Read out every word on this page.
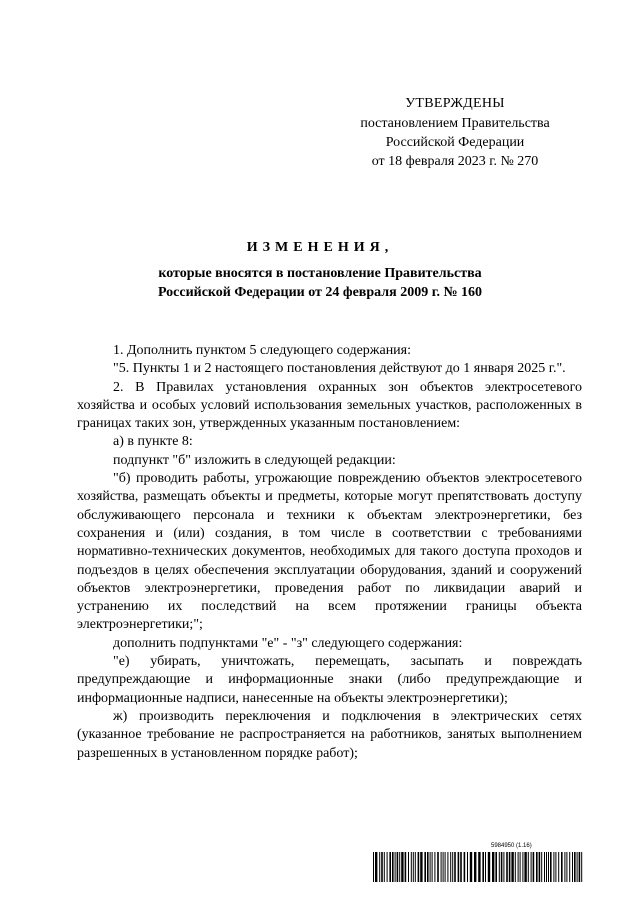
УТВЕРЖДЕНЫ
постановлением Правительства
Российской Федерации
от 18 февраля 2023 г. № 270
ИЗМЕНЕНИЯ,
которые вносятся в постановление Правительства
Российской Федерации от 24 февраля 2009 г. № 160

1. Дополнить пунктом 5 следующего содержания:

"5. Пункты 1 и 2 настоящего постановления действуют до 1 января 2025 г.".

2. В Правилах установления охранных зон объектов электросетевого хозяйства и особых условий использования земельных участков, расположенных в границах таких зон, утвержденных указанным постановлением:

а) в пункте 8:

подпункт "б" изложить в следующей редакции:

"б) проводить работы, угрожающие повреждению объектов электросетевого хозяйства, размещать объекты и предметы, которые могут препятствовать доступу обслуживающего персонала и техники к объектам электроэнергетики, без сохранения и (или) создания, в том числе в соответствии с требованиями нормативно-технических документов, необходимых для такого доступа проходов и подъездов в целях обеспечения эксплуатации оборудования, зданий и сооружений объектов электроэнергетики, проведения работ по ликвидации аварий и устранению их последствий на всем протяжении границы объекта электроэнергетики;";

дополнить подпунктами "е" - "з" следующего содержания:

"е) убирать, уничтожать, перемещать, засыпать и повреждать предупреждающие и информационные знаки (либо предупреждающие и информационные надписи, нанесенные на объекты электроэнергетики);

ж) производить переключения и подключения в электрических сетях (указанное требование не распространяется на работников, занятых выполнением разрешенных в установленном порядке работ);

5984950 (1.16)
